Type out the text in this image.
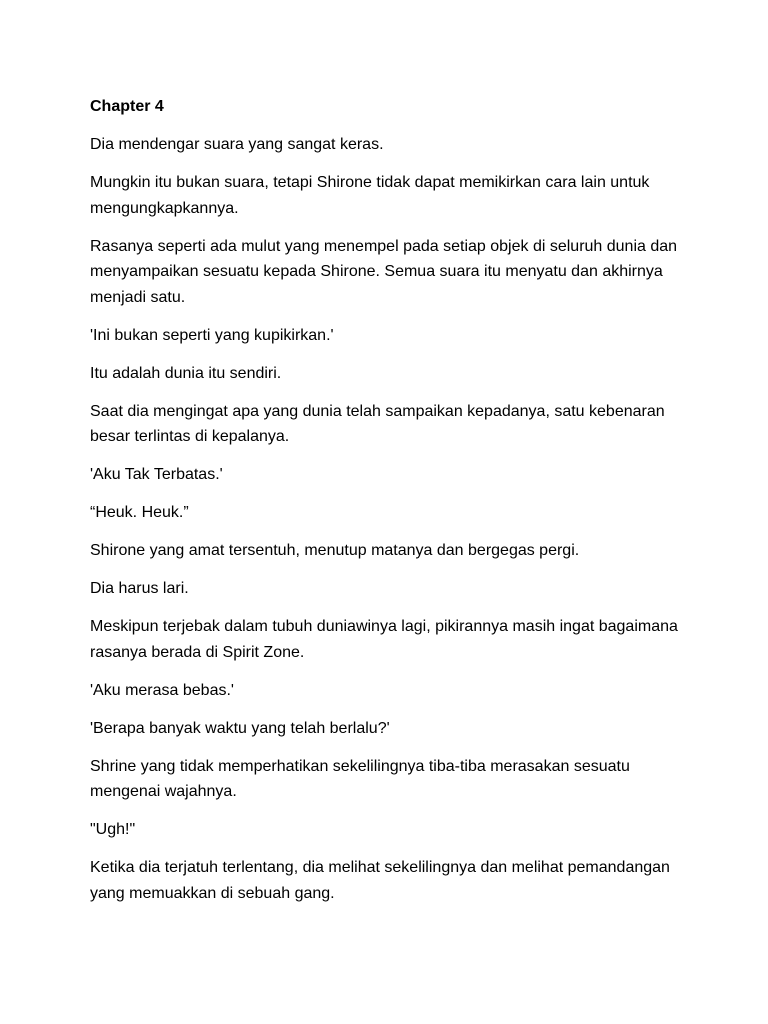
Chapter 4

Dia mendengar suara yang sangat keras.

Mungkin itu bukan suara, tetapi Shirone tidak dapat memikirkan cara lain untuk mengungkapkannya.

Rasanya seperti ada mulut yang menempel pada setiap objek di seluruh dunia dan menyampaikan sesuatu kepada Shirone. Semua suara itu menyatu dan akhirnya menjadi satu.

'Ini bukan seperti yang kupikirkan.'

Itu adalah dunia itu sendiri.

Saat dia mengingat apa yang dunia telah sampaikan kepadanya, satu kebenaran besar terlintas di kepalanya.

'Aku Tak Terbatas.'

“Heuk. Heuk.”

Shirone yang amat tersentuh, menutup matanya dan bergegas pergi.

Dia harus lari.

Meskipun terjebak dalam tubuh duniawinya lagi, pikirannya masih ingat bagaimana rasanya berada di Spirit Zone.

'Aku merasa bebas.'

'Berapa banyak waktu yang telah berlalu?'

Shrine yang tidak memperhatikan sekelilingnya tiba-tiba merasakan sesuatu mengenai wajahnya.

"Ugh!"

Ketika dia terjatuh terlentang, dia melihat sekelilingnya dan melihat pemandangan yang memuakkan di sebuah gang.
